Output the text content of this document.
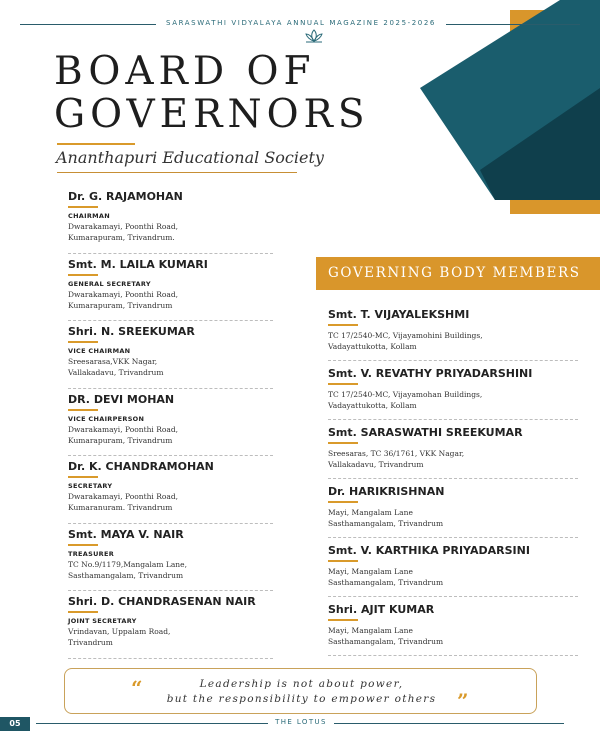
SARASWATHI VIDYALAYA ANNUAL MAGAZINE 2025-2026
BOARD OF
GOVERNORS
Ananthapuri Educational Society
Dr. G. RAJAMOHAN
CHAIRMAN
Dwarakamayi, Poonthi Road,
Kumarapuram, Trivandrum.
Smt. M. LAILA KUMARI
GENERAL SECRETARY
Dwarakamayi, Poonthi Road,
Kumarapuram, Trivandrum
Shri. N. SREEKUMAR
VICE CHAIRMAN
Sreesarasa,VKK Nagar,
Vallakadavu, Trivandrum
DR. DEVI MOHAN
VICE CHAIRPERSON
Dwarakamayi, Poonthi Road,
Kumarapuram, Trivandrum
Dr. K. CHANDRAMOHAN
SECRETARY
Dwarakamayi, Poonthi Road,
Kumaranuram. Trivandrum
Smt. MAYA V. NAIR
TREASURER
TC No.9/1179,Mangalam Lane,
Sasthamangalam, Trivandrum
Shri. D. CHANDRASENAN NAIR
JOINT SECRETARY
Vrindavan, Uppalam Road,
Trivandrum
GOVERNING BODY MEMBERS
Smt. T. VIJAYALEKSHMI
TC 17/2540-MC, Vijayamohini Buildings,
Vadayattukotta, Kollam
Smt. V. REVATHY PRIYADARSHINI
TC 17/2540-MC, Vijayamohan Buildings,
Vadayattukotta, Kollam
Smt. SARASWATHI SREEKUMAR
Sreesaras, TC 36/1761, VKK Nagar,
Vallakadavu, Trivandrum
Dr. HARIKRISHNAN
Mayi, Mangalam Lane
Sasthamangalam, Trivandrum
Smt. V. KARTHIKA PRIYADARSINI
Mayi, Mangalam Lane
Sasthamangalam, Trivandrum
Shri. AJIT KUMAR
Mayi, Mangalam Lane
Sasthamangalam, Trivandrum
“	Leadership is not about power,
but the responsibility to empower others	”
05	THE LOTUS
